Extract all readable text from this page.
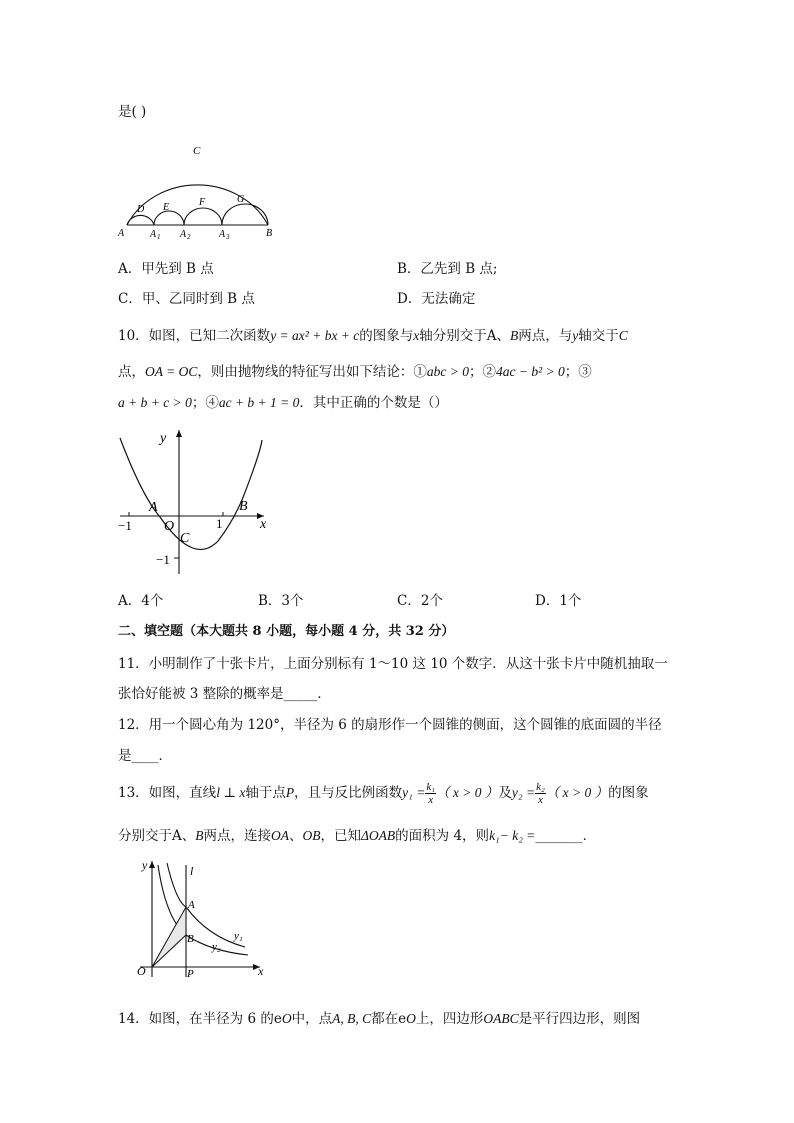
是( )
C
D E	F	G
A	A 1 A 2	A 3	B
A．甲先到 B 点	B．乙先到 B 点;
C．甲、乙同时到 B 点	D．无法确定
10．如图，已知二次函数y = ax² + bx + c的图象与x轴分别交于A、B两点，与y轴交于C
点，OA = OC，则由抛物线的特征写出如下结论：①abc > 0；②4ac − b² > 0；③
a + b + c > 0；④ac + b + 1 = 0．其中正确的个数是（）
y
A	B
O
C
x
−1	1
−1
A．4个	B．3个	C．2个	D．1个
二、填空题（本大题共 8 小题，每小题 4 分，共 32 分）
11．小明制作了十张卡片，上面分别标有 1～10 这 10 个数字．从这十张卡片中随机抽取一
张恰好能被 3 整除的概率是_____．
12．用一个圆心角为 120°，半径为 6 的扇形作一个圆锥的侧面，这个圆锥的底面圆的半径
是____．
13．如图，直线l ⊥ x轴于点P，且与反比例函数$y_1 = \frac{\text{k₁}}{x}$ （ x > 0 ）及$y_2 = \frac{\text{k₂}}{x}$ （ x > 0 ）的图象
分别交于A、B两点，连接OA、OB，已知ΔOAB的面积为 4，则k₁− k₂ =_______．
y	l
A
B	y₁
y₂
O	P	x
14．如图，在半径为 6 的eO中，点A, B, C都在eO上，四边形OABC是平行四边形，则图
